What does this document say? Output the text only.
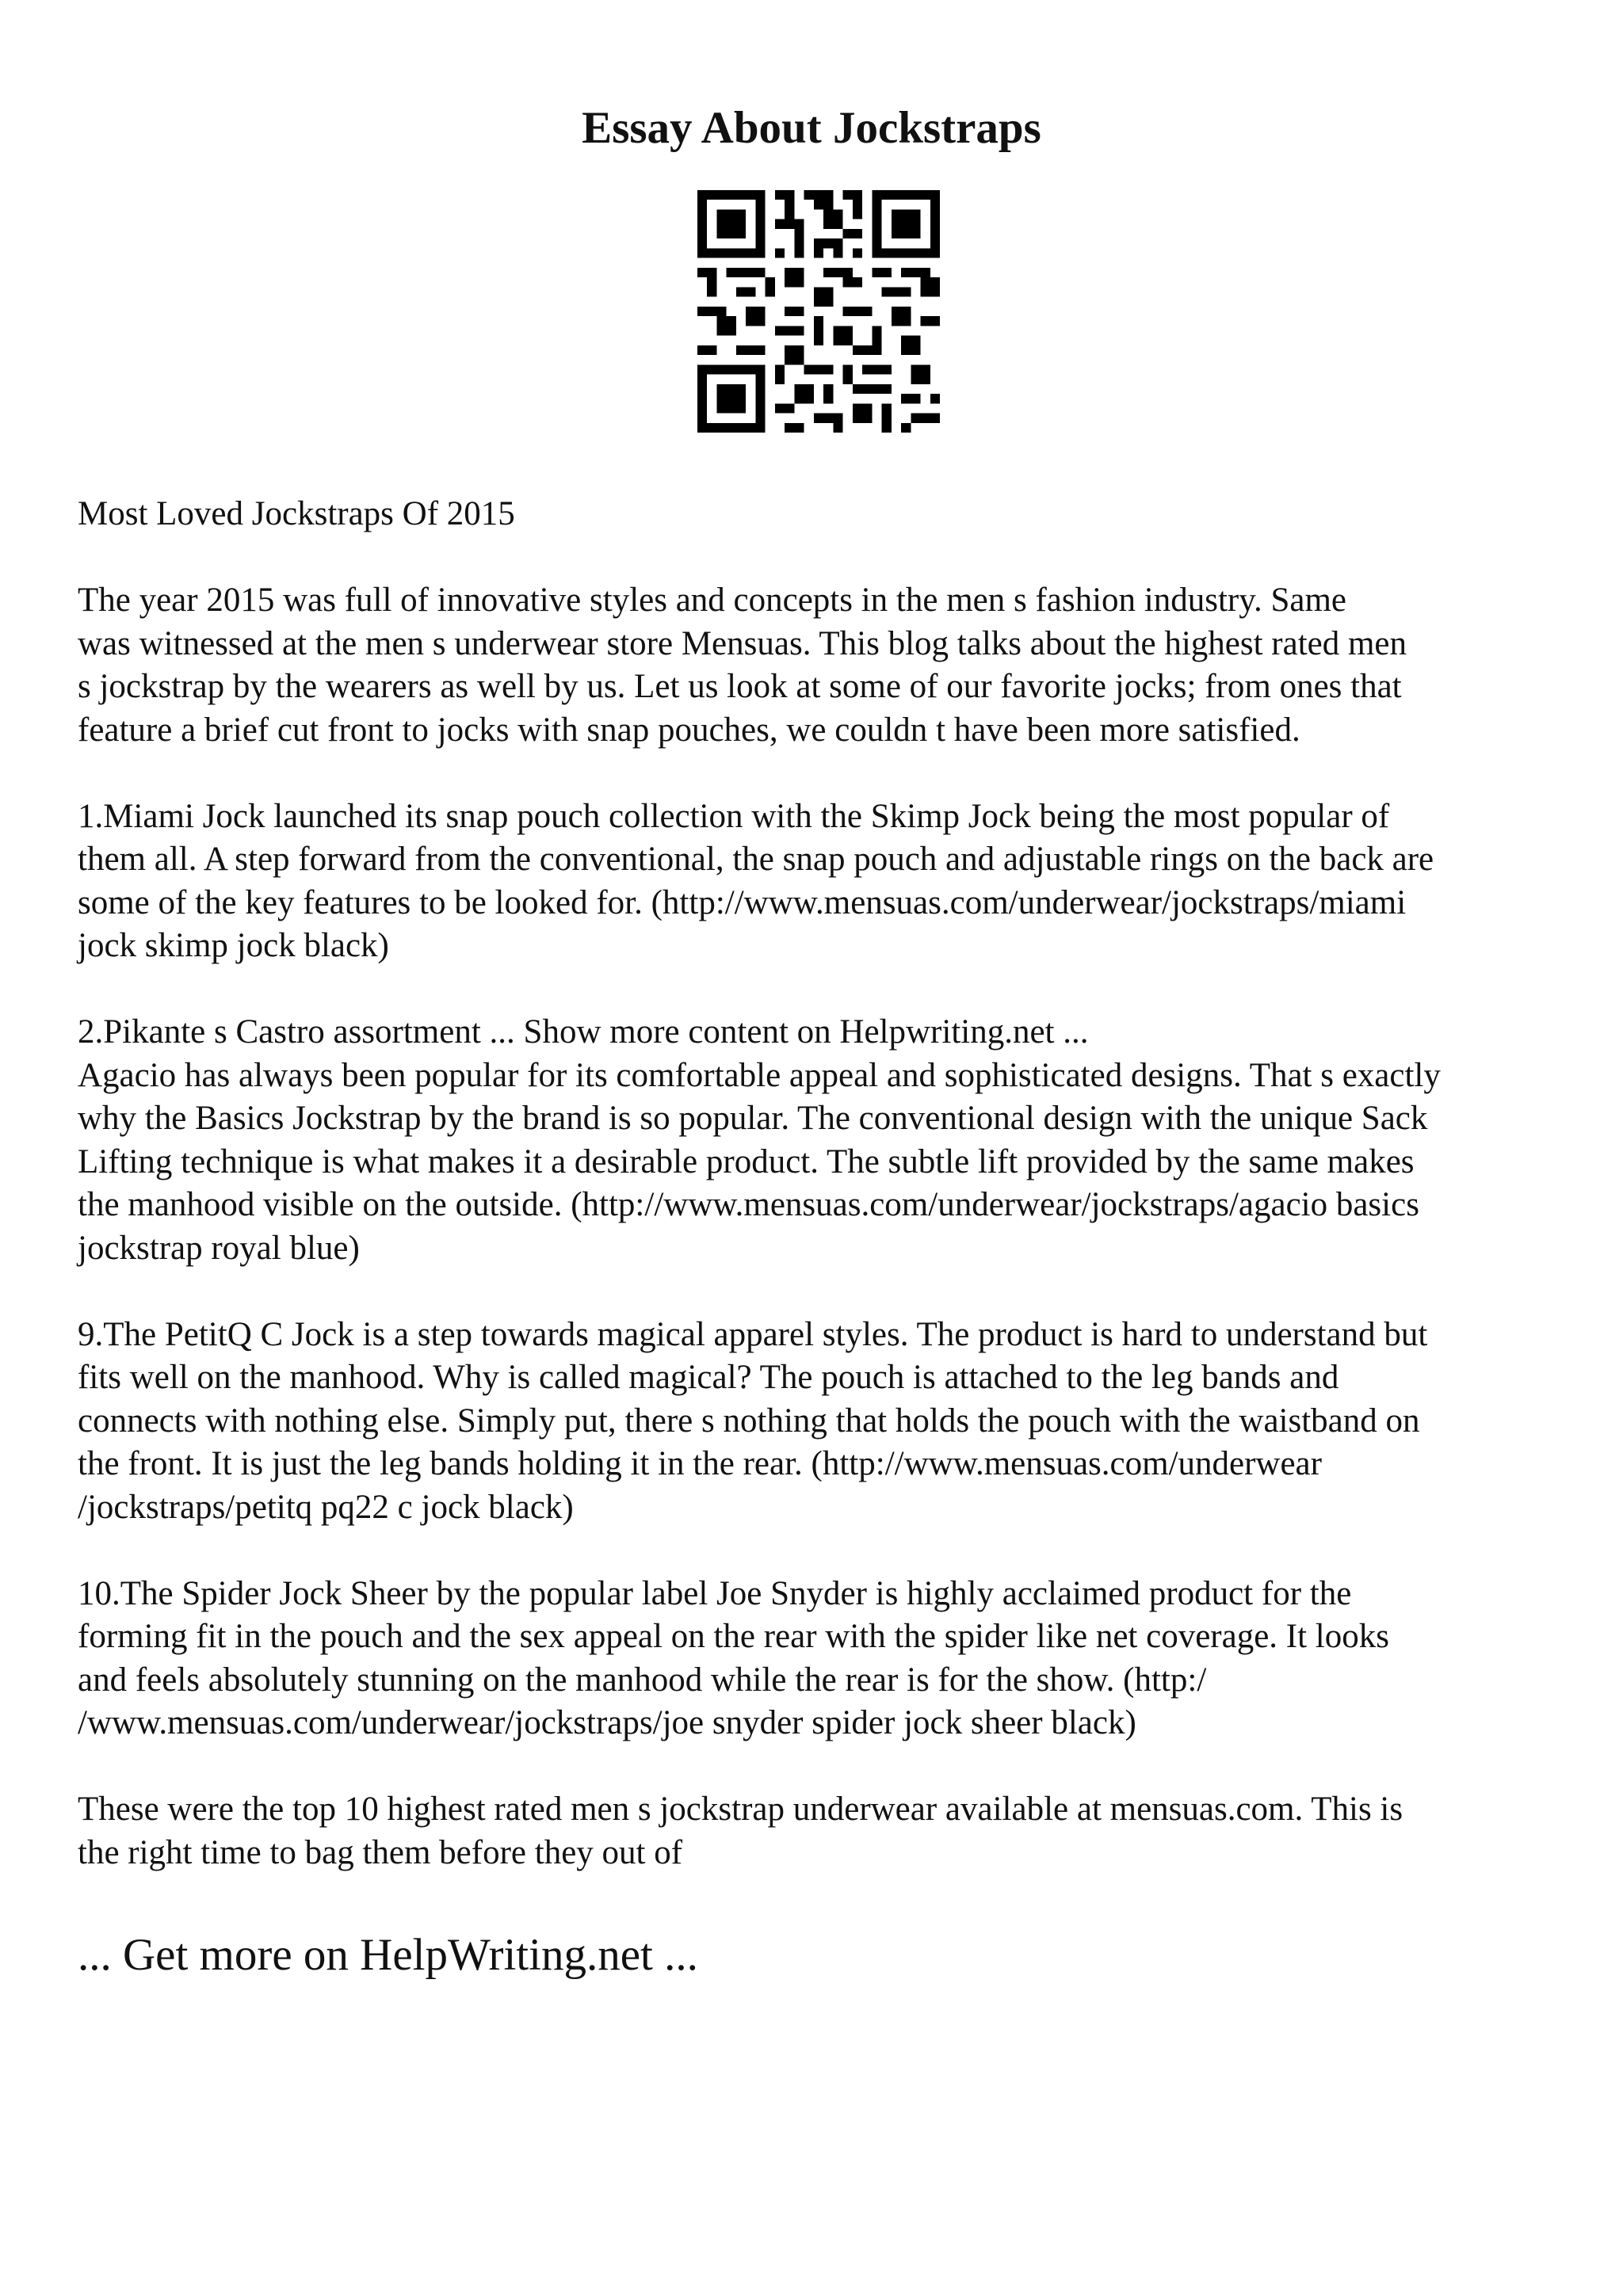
Essay About Jockstraps

Most Loved Jockstraps Of 2015

The year 2015 was full of innovative styles and concepts in the men s fashion industry. Same
was witnessed at the men s underwear store Mensuas. This blog talks about the highest rated men
s jockstrap by the wearers as well by us. Let us look at some of our favorite jocks; from ones that
feature a brief cut front to jocks with snap pouches, we couldn t have been more satisfied.

1.Miami Jock launched its snap pouch collection with the Skimp Jock being the most popular of
them all. A step forward from the conventional, the snap pouch and adjustable rings on the back are
some of the key features to be looked for. (http://www.mensuas.com/underwear/jockstraps/miami
jock skimp jock black)

2.Pikante s Castro assortment ... Show more content on Helpwriting.net ...
Agacio has always been popular for its comfortable appeal and sophisticated designs. That s exactly
why the Basics Jockstrap by the brand is so popular. The conventional design with the unique Sack
Lifting technique is what makes it a desirable product. The subtle lift provided by the same makes
the manhood visible on the outside. (http://www.mensuas.com/underwear/jockstraps/agacio basics
jockstrap royal blue)

9.The PetitQ C Jock is a step towards magical apparel styles. The product is hard to understand but
fits well on the manhood. Why is called magical? The pouch is attached to the leg bands and
connects with nothing else. Simply put, there s nothing that holds the pouch with the waistband on
the front. It is just the leg bands holding it in the rear. (http://www.mensuas.com/underwear
/jockstraps/petitq pq22 c jock black)

10.The Spider Jock Sheer by the popular label Joe Snyder is highly acclaimed product for the
forming fit in the pouch and the sex appeal on the rear with the spider like net coverage. It looks
and feels absolutely stunning on the manhood while the rear is for the show. (http:/
/www.mensuas.com/underwear/jockstraps/joe snyder spider jock sheer black)

These were the top 10 highest rated men s jockstrap underwear available at mensuas.com. This is
the right time to bag them before they out of

... Get more on HelpWriting.net ...
